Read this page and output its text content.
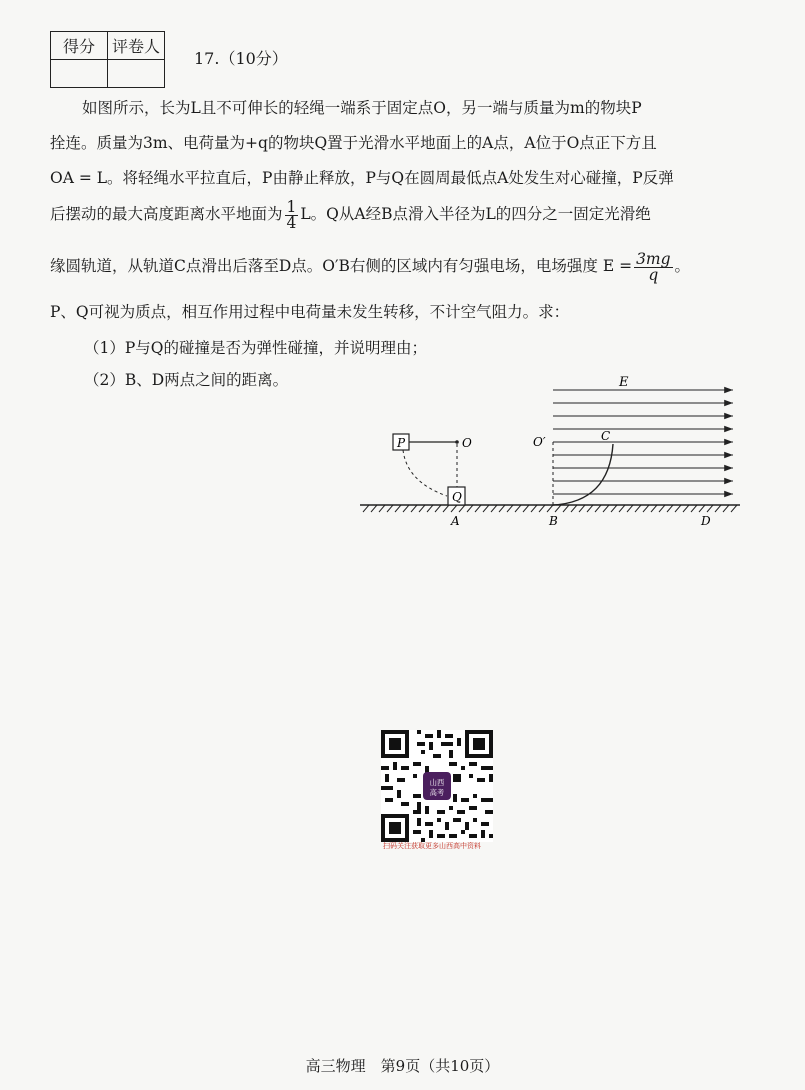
得分	评卷人

17.（10分）
如图所示，长为L且不可伸长的轻绳一端系于固定点O，另一端与质量为m的物块P
拴连。质量为3m、电荷量为+q的物块Q置于光滑水平地面上的A点，A位于O点正下方且
OA = L。将轻绳水平拉直后，P由静止释放，P与Q在圆周最低点A处发生对心碰撞，P反弹
后摆动的最大高度距离水平地面为 $\frac{1}{4}$ L。Q从A经B点滑入半径为L的四分之一固定光滑绝
缘圆轨道，从轨道C点滑出后落至D点。O′B右侧的区域内有匀强电场，电场强度 $E = \frac{3mg}{q}$ 。
P、Q可视为质点，相互作用过程中电荷量未发生转移，不计空气阻力。求：
（1）P与Q的碰撞是否为弹性碰撞，并说明理由；
（2）B、D两点之间的距离。	E
P	O
Q
A
O′	C
B	D
山西
高考
扫码关注获取更多山西高中资料
高三物理　第9页（共10页）
